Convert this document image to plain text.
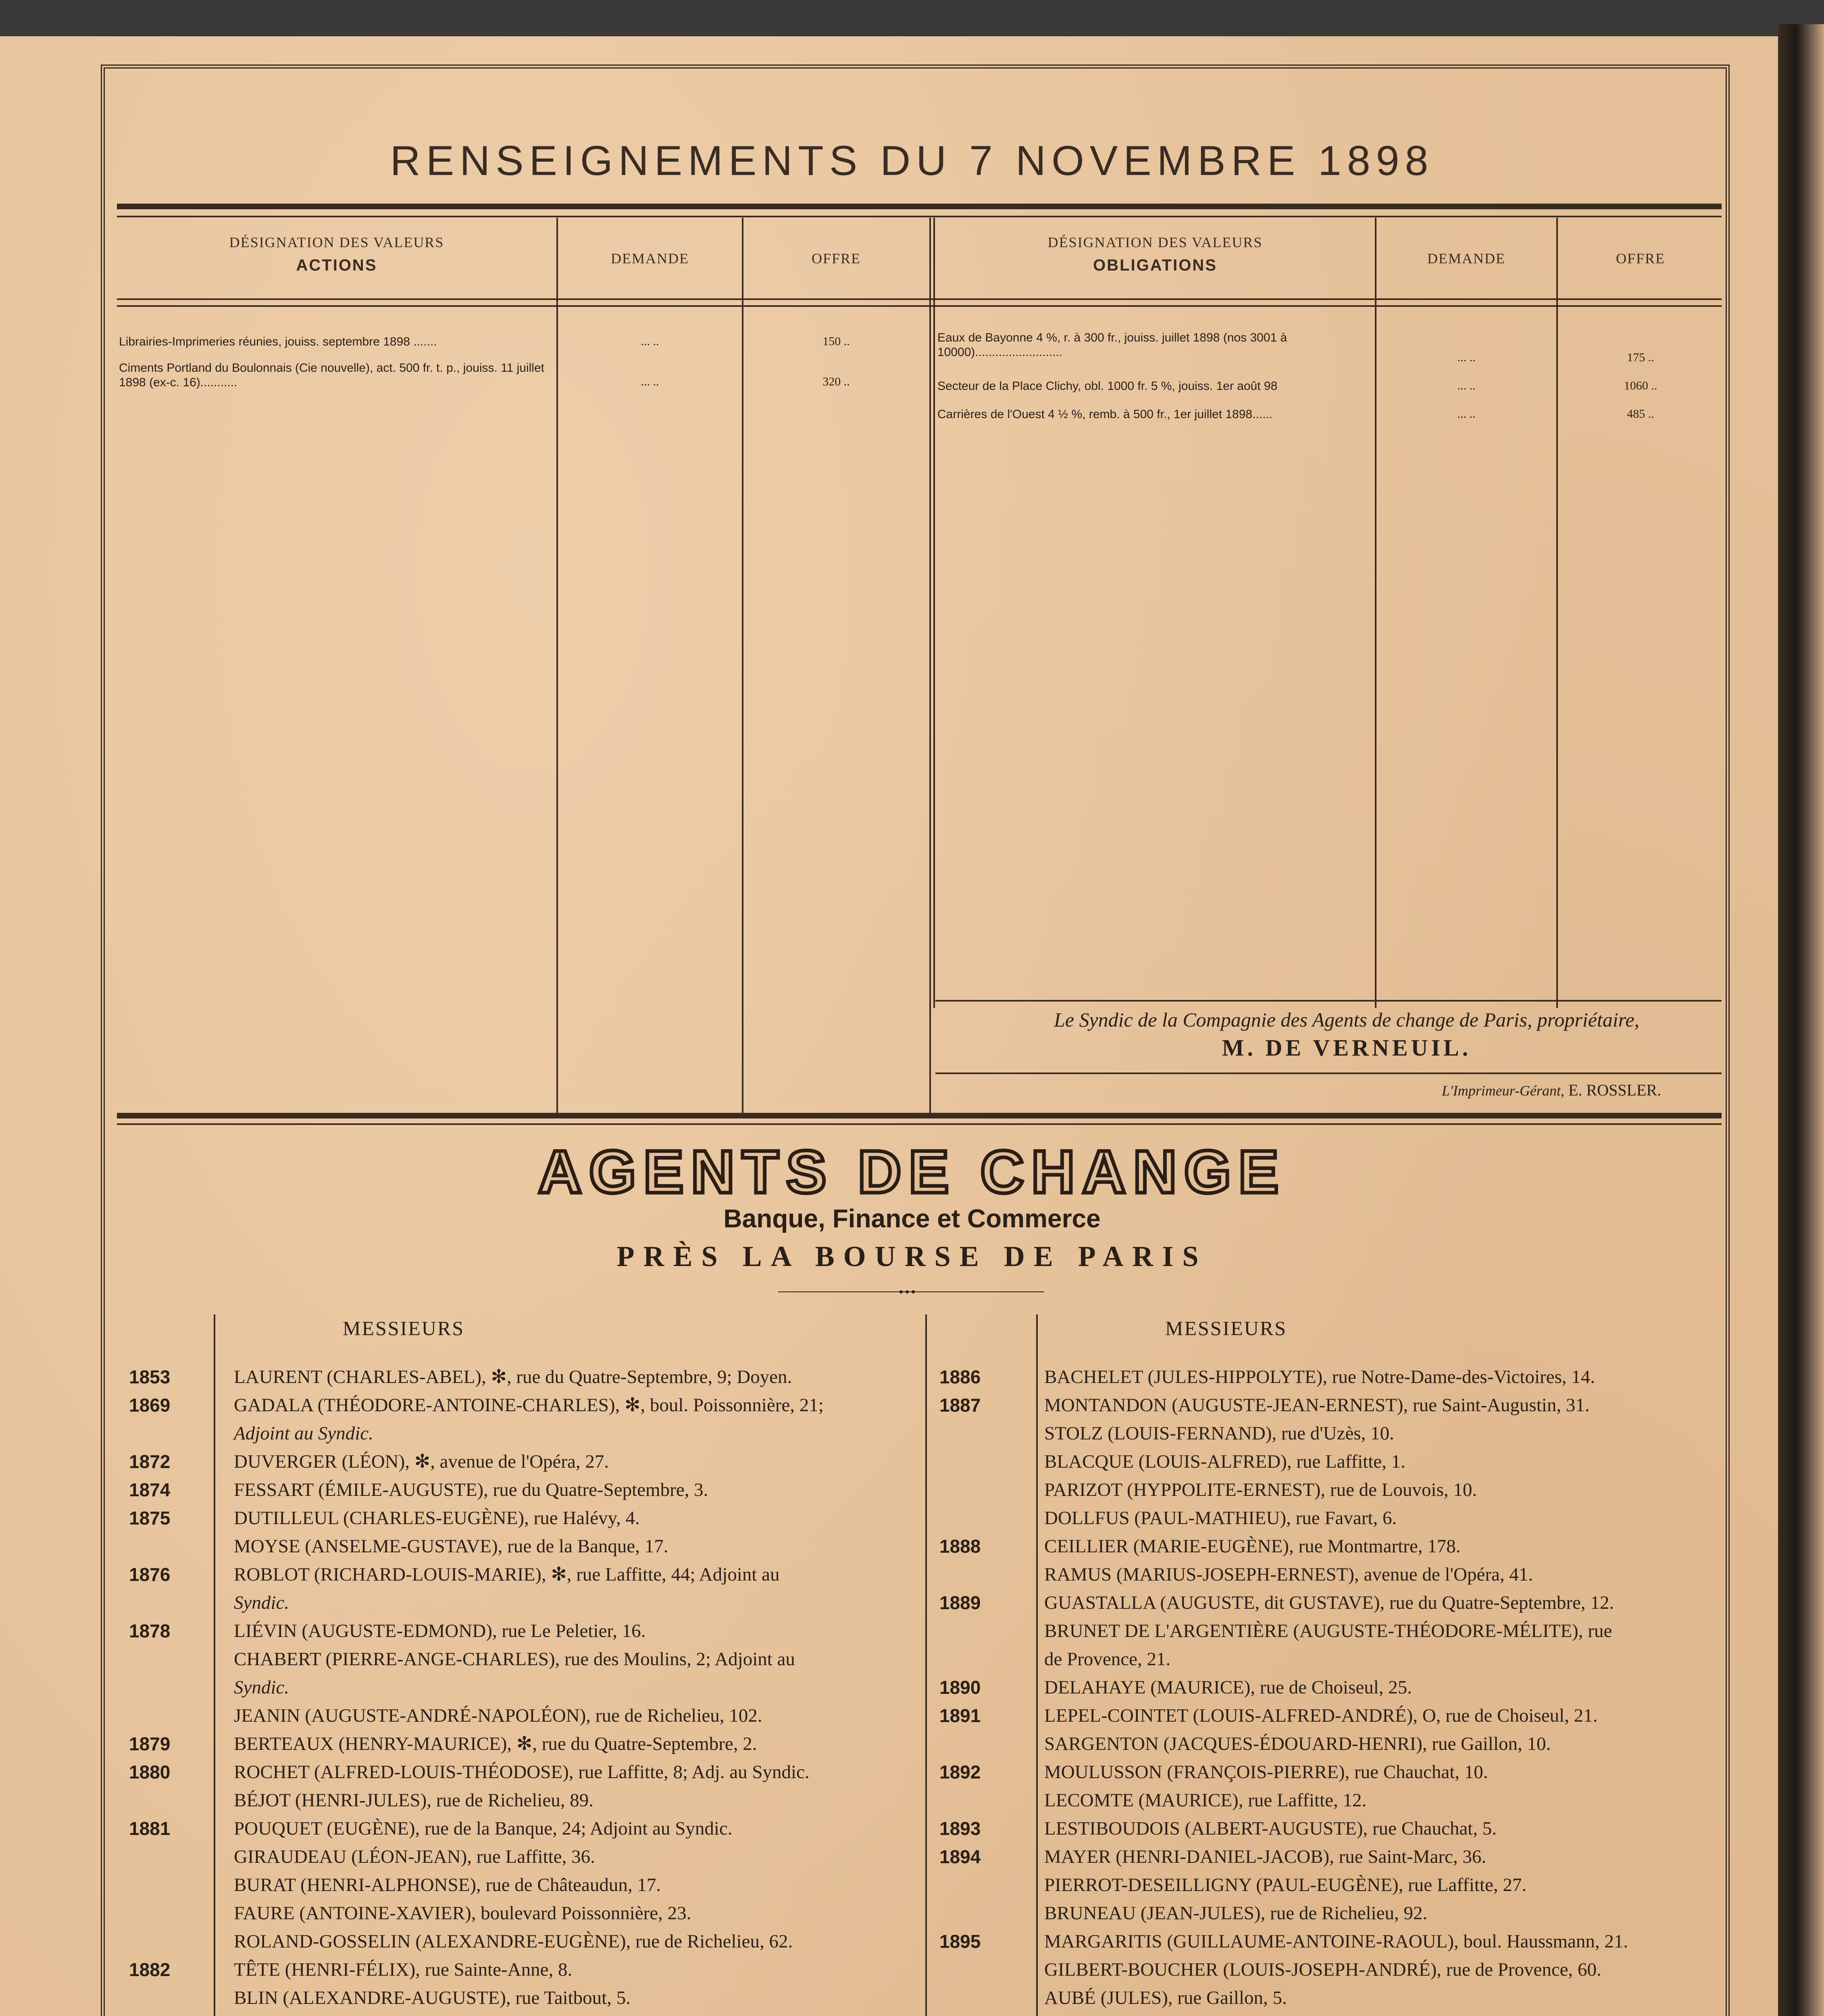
RENSEIGNEMENTS DU 7 NOVEMBRE 1898
DÉSIGNATION DES VALEURS
ACTIONS	DEMANDE	OFFRE
DÉSIGNATION DES VALEURS
OBLIGATIONS	DEMANDE	OFFRE
Librairies-Imprimeries réunies, jouiss. septembre 1898 .......	... ..	150 ..
Ciments Portland du Boulonnais (Cie nouvelle), act. 500 fr. t. p., jouiss. 11 juillet 1898 (ex-c. 16)...........	... ..	320 ..
Eaux de Bayonne 4 %, r. à 300 fr., jouiss. juillet 1898 (nos 3001 à 10000)..........................	... ..	175 ..
Secteur de la Place Clichy, obl. 1000 fr. 5 %, jouiss. 1er août 98	... ..	1060 ..
Carrières de l'Ouest 4 ½ %, remb. à 500 fr., 1er juillet 1898......	... ..	485 ..
Le Syndic de la Compagnie des Agents de change de Paris, propriétaire,
M. DE VERNEUIL.
L'Imprimeur-Gérant, E. ROSSLER.
AGENTS DE CHANGE
Banque, Finance et Commerce
PRÈS LA BOURSE DE PARIS
MESSIEURS	MESSIEURS
1853	LAURENT (CHARLES-ABEL), ✻, rue du Quatre-Septembre, 9; Doyen.
1869	GADALA (THÉODORE-ANTOINE-CHARLES), ✻, boul. Poissonnière, 21;
Adjoint au Syndic.
1872	DUVERGER (LÉON), ✻, avenue de l'Opéra, 27.
1874	FESSART (ÉMILE-AUGUSTE), rue du Quatre-Septembre, 3.
1875	DUTILLEUL (CHARLES-EUGÈNE), rue Halévy, 4.
MOYSE (ANSELME-GUSTAVE), rue de la Banque, 17.
1876	ROBLOT (RICHARD-LOUIS-MARIE), ✻, rue Laffitte, 44; Adjoint au
Syndic.
1878	LIÉVIN (AUGUSTE-EDMOND), rue Le Peletier, 16.
CHABERT (PIERRE-ANGE-CHARLES), rue des Moulins, 2; Adjoint au
Syndic.
JEANIN (AUGUSTE-ANDRÉ-NAPOLÉON), rue de Richelieu, 102.
1879	BERTEAUX (HENRY-MAURICE), ✻, rue du Quatre-Septembre, 2.
1880	ROCHET (ALFRED-LOUIS-THÉODOSE), rue Laffitte, 8; Adj. au Syndic.
BÉJOT (HENRI-JULES), rue de Richelieu, 89.
1881	POUQUET (EUGÈNE), rue de la Banque, 24; Adjoint au Syndic.
GIRAUDEAU (LÉON-JEAN), rue Laffitte, 36.
BURAT (HENRI-ALPHONSE), rue de Châteaudun, 17.
FAURE (ANTOINE-XAVIER), boulevard Poissonnière, 23.
ROLAND-GOSSELIN (ALEXANDRE-EUGÈNE), rue de Richelieu, 62.
1882	TÊTE (HENRI-FÉLIX), rue Sainte-Anne, 8.
BLIN (ALEXANDRE-AUGUSTE), rue Taitbout, 5.
1886	BACHELET (JULES-HIPPOLYTE), rue Notre-Dame-des-Victoires, 14.
1887	MONTANDON (AUGUSTE-JEAN-ERNEST), rue Saint-Augustin, 31.
STOLZ (LOUIS-FERNAND), rue d'Uzès, 10.
BLACQUE (LOUIS-ALFRED), rue Laffitte, 1.
PARIZOT (HYPPOLITE-ERNEST), rue de Louvois, 10.
DOLLFUS (PAUL-MATHIEU), rue Favart, 6.
1888	CEILLIER (MARIE-EUGÈNE), rue Montmartre, 178.
RAMUS (MARIUS-JOSEPH-ERNEST), avenue de l'Opéra, 41.
1889	GUASTALLA (AUGUSTE, dit GUSTAVE), rue du Quatre-Septembre, 12.
BRUNET DE L'ARGENTIÈRE (AUGUSTE-THÉODORE-MÉLITE), rue
de Provence, 21.
1890	DELAHAYE (MAURICE), rue de Choiseul, 25.
1891	LEPEL-COINTET (LOUIS-ALFRED-ANDRÉ), O, rue de Choiseul, 21.
SARGENTON (JACQUES-ÉDOUARD-HENRI), rue Gaillon, 10.
1892	MOULUSSON (FRANÇOIS-PIERRE), rue Chauchat, 10.
LECOMTE (MAURICE), rue Laffitte, 12.
1893	LESTIBOUDOIS (ALBERT-AUGUSTE), rue Chauchat, 5.
1894	MAYER (HENRI-DANIEL-JACOB), rue Saint-Marc, 36.
PIERROT-DESEILLIGNY (PAUL-EUGÈNE), rue Laffitte, 27.
BRUNEAU (JEAN-JULES), rue de Richelieu, 92.
1895	MARGARITIS (GUILLAUME-ANTOINE-RAOUL), boul. Haussmann, 21.
GILBERT-BOUCHER (LOUIS-JOSEPH-ANDRÉ), rue de Provence, 60.
AUBÉ (JULES), rue Gaillon, 5.
